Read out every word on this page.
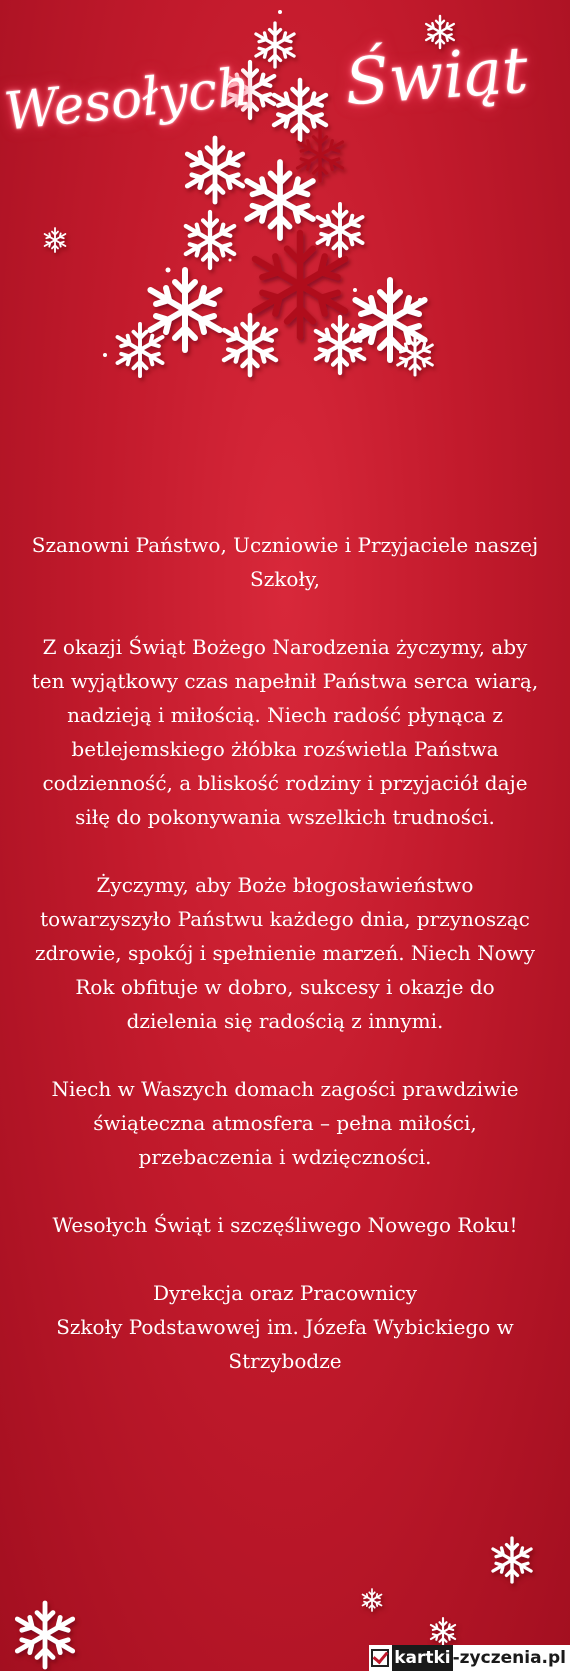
Wesołych Świąt

Szanowni Państwo, Uczniowie i Przyjaciele naszej Szkoły,

Z okazji Świąt Bożego Narodzenia życzymy, aby ten wyjątkowy czas napełnił Państwa serca wiarą, nadzieją i miłością. Niech radość płynąca z betlejemskiego żłóbka rozświetla Państwa codzienność, a bliskość rodziny i przyjaciół daje siłę do pokonywania wszelkich trudności.

Życzymy, aby Boże błogosławieństwo towarzyszyło Państwu każdego dnia, przynosząc zdrowie, spokój i spełnienie marzeń. Niech Nowy Rok obfituje w dobro, sukcesy i okazje do dzielenia się radością z innymi.

Niech w Waszych domach zagości prawdziwie świąteczna atmosfera – pełna miłości, przebaczenia i wdzięczności.

Wesołych Świąt i szczęśliwego Nowego Roku!

Dyrekcja oraz Pracownicy

Szkoły Podstawowej im. Józefa Wybickiego w Strzybodze

kartki -zyczenia.pl
